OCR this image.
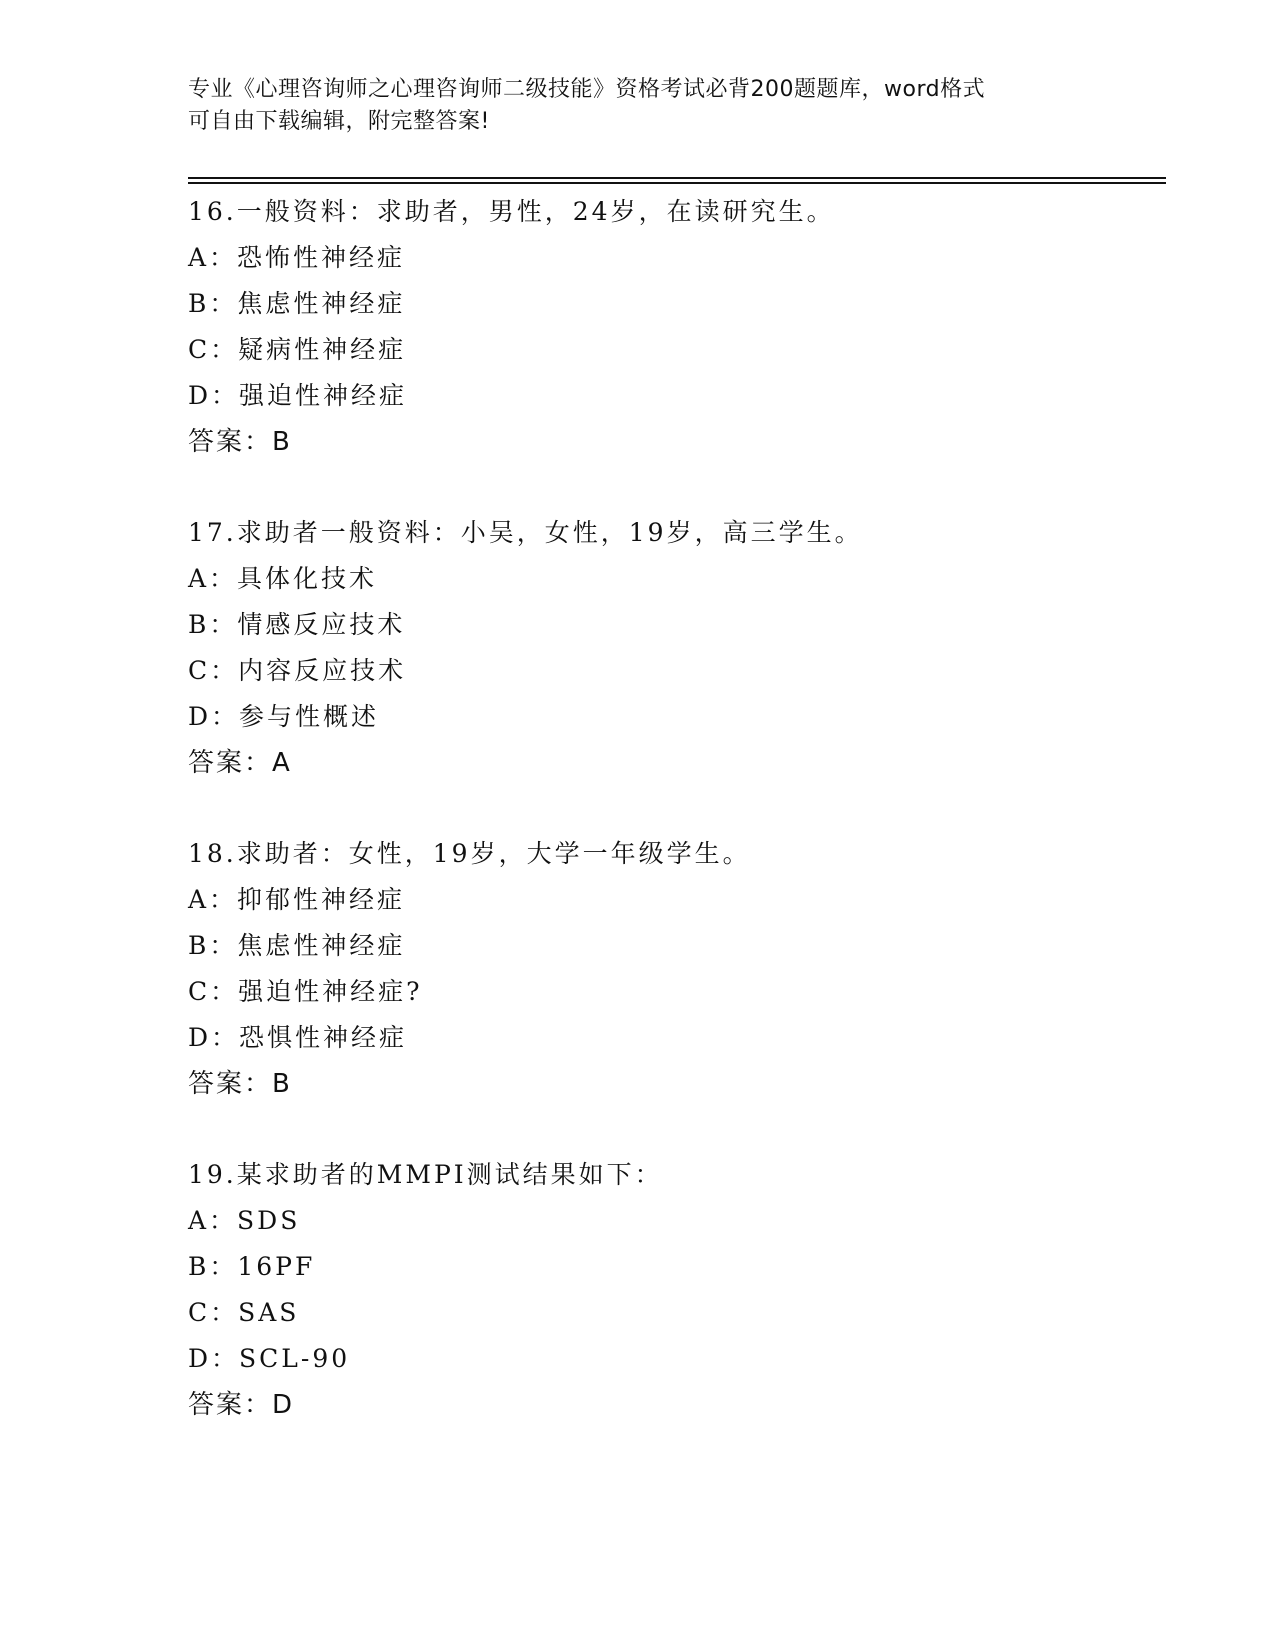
专业《心理咨询师之心理咨询师二级技能》资格考试必背200题题库，word格式
可自由下载编辑，附完整答案!
16.一般资料：求助者，男性，24岁，在读研究生。
A：恐怖性神经症
B：焦虑性神经症
C：疑病性神经症
D：强迫性神经症
答案：B
17.求助者一般资料：小吴，女性，19岁，高三学生。
A：具体化技术
B：情感反应技术
C：内容反应技术
D：参与性概述
答案：A
18.求助者：女性，19岁，大学一年级学生。
A：抑郁性神经症
B：焦虑性神经症
C：强迫性神经症?
D：恐惧性神经症
答案：B
19.某求助者的MMPI测试结果如下：
A：SDS
B：16PF
C：SAS
D：SCL-90
答案：D
